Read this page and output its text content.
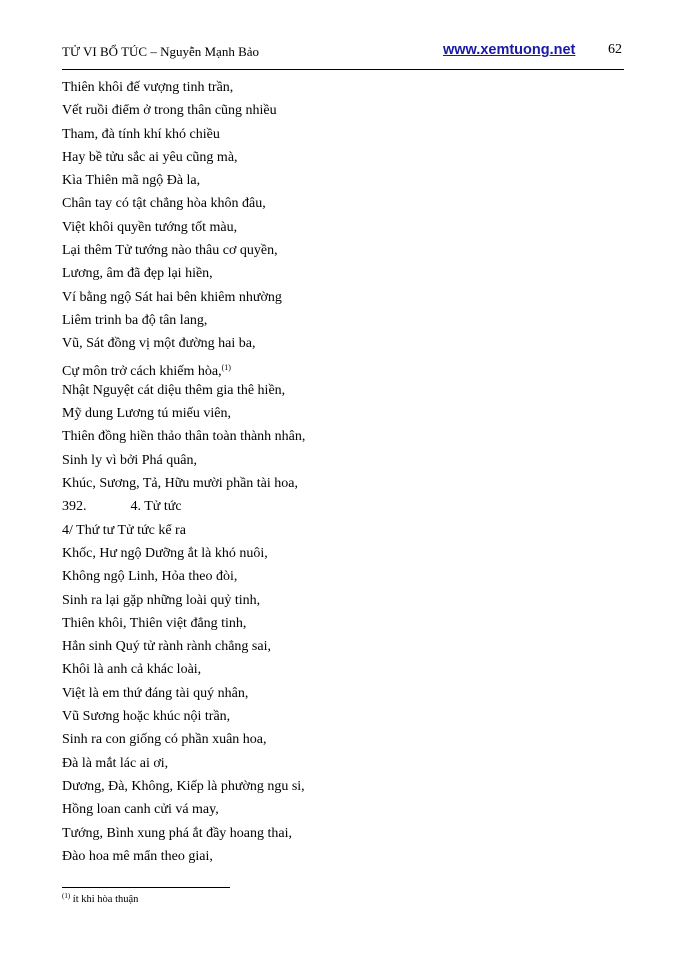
TỬ VI BỔ TÚC – Nguyễn Mạnh Bảo	www.xemtuong.net 62
Thiên khôi đế vượng tinh trần,
Vết ruồi điểm ở trong thân cũng nhiều
Tham, đà tính khí khó chiều
Hay bề tửu sắc ai yêu cũng mà,
Kìa Thiên mã ngộ Đà la,
Chân tay có tật chẳng hòa khôn đâu,
Việt khôi quyền tướng tốt màu,
Lại thêm Tử tướng nào thâu cơ quyền,
Lương, âm đã đẹp lại hiền,
Ví bằng ngộ Sát hai bên khiêm nhường
Liêm trinh ba độ tân lang,
Vũ, Sát đồng vị một đường hai ba,
Cự môn trở cách khiếm hòa,$^{(1)}$
Nhật Nguyệt cát diệu thêm gia thê hiền,
Mỹ dung Lương tú miếu viên,
Thiên đồng hiền thảo thân toàn thành nhân,
Sinh ly vì bởi Phá quân,
Khúc, Sương, Tả, Hữu mười phần tài hoa,
392.	4. Tử tức
4/ Thứ tư Tử tức kể ra
Khốc, Hư ngộ Dưỡng ắt là khó nuôi,
Không ngộ Linh, Hỏa theo đòi,
Sinh ra lại gặp những loài quỷ tinh,
Thiên khôi, Thiên việt đẳng tinh,
Hẳn sinh Quý tử rành rành chẳng sai,
Khôi là anh cả khác loài,
Việt là em thứ đáng tài quý nhân,
Vũ Sương hoặc khúc nội trần,
Sinh ra con giống có phần xuân hoa,
Đà là mắt lác ai ơi,
Dương, Đà, Không, Kiếp là phường ngu si,
Hồng loan canh cửi vá may,
Tướng, Bình xung phá ắt đầy hoang thai,
Đào hoa mê mẩn theo giai,
$^{(1)}$ ít khi hòa thuận
